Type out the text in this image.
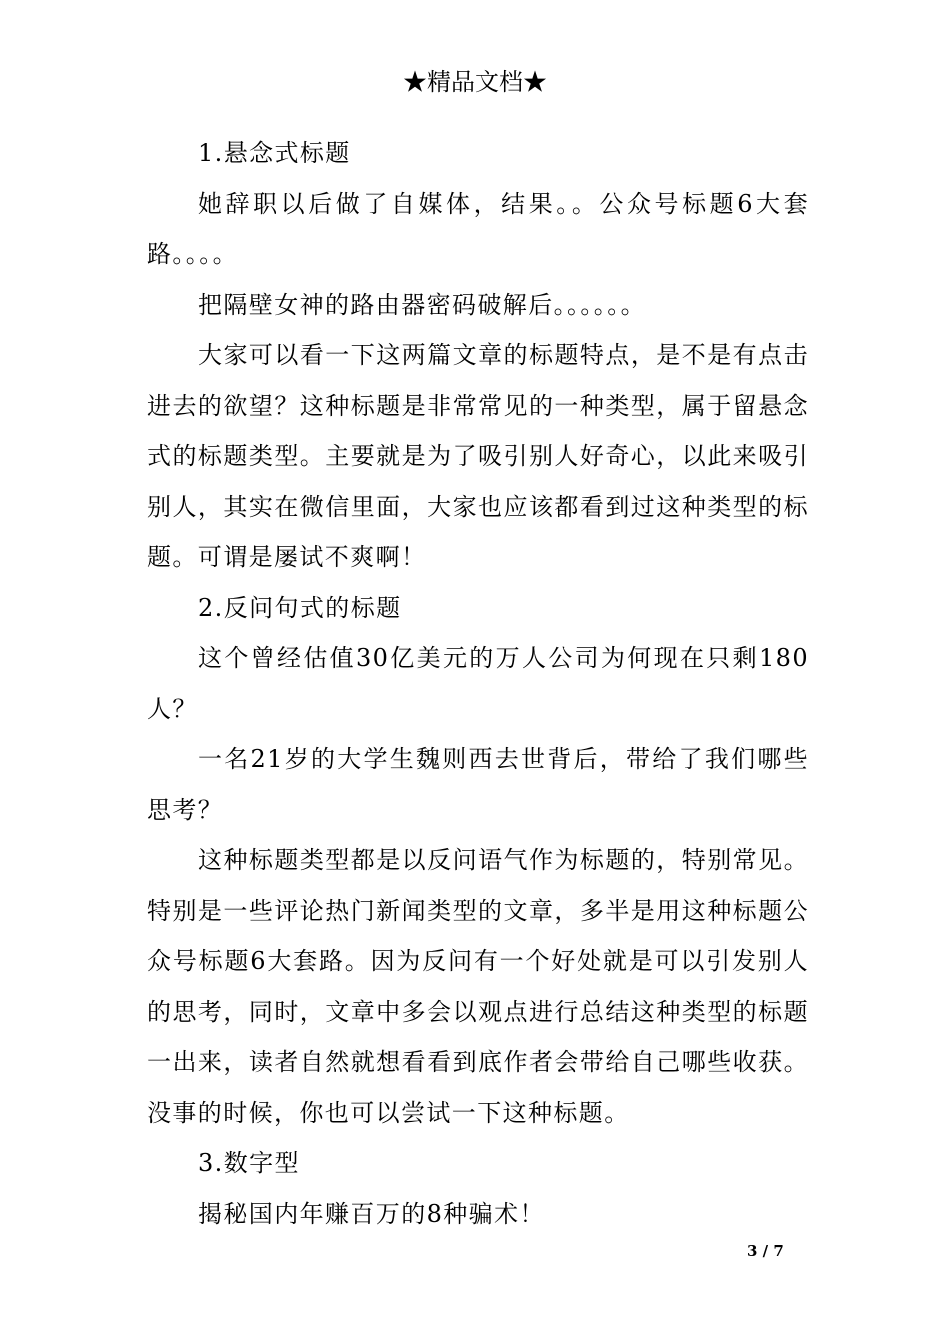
★精品文档★

1.悬念式标题

她辞职以后做了自媒体，结果。。公众号标题6大套路。。。。

把隔壁女神的路由器密码破解后。。。。。。

大家可以看一下这两篇文章的标题特点，是不是有点击进去的欲望？这种标题是非常常见的一种类型，属于留悬念式的标题类型。主要就是为了吸引别人好奇心，以此来吸引别人，其实在微信里面，大家也应该都看到过这种类型的标题。可谓是屡试不爽啊！

2.反问句式的标题

这个曾经估值30亿美元的万人公司为何现在只剩180人？

一名21岁的大学生魏则西去世背后，带给了我们哪些思考？

这种标题类型都是以反问语气作为标题的，特别常见。特别是一些评论热门新闻类型的文章，多半是用这种标题公众号标题6大套路。因为反问有一个好处就是可以引发别人的思考，同时，文章中多会以观点进行总结这种类型的标题一出来，读者自然就想看看到底作者会带给自己哪些收获。没事的时候，你也可以尝试一下这种标题。

3.数字型

揭秘国内年赚百万的8种骗术！

3 / 7
